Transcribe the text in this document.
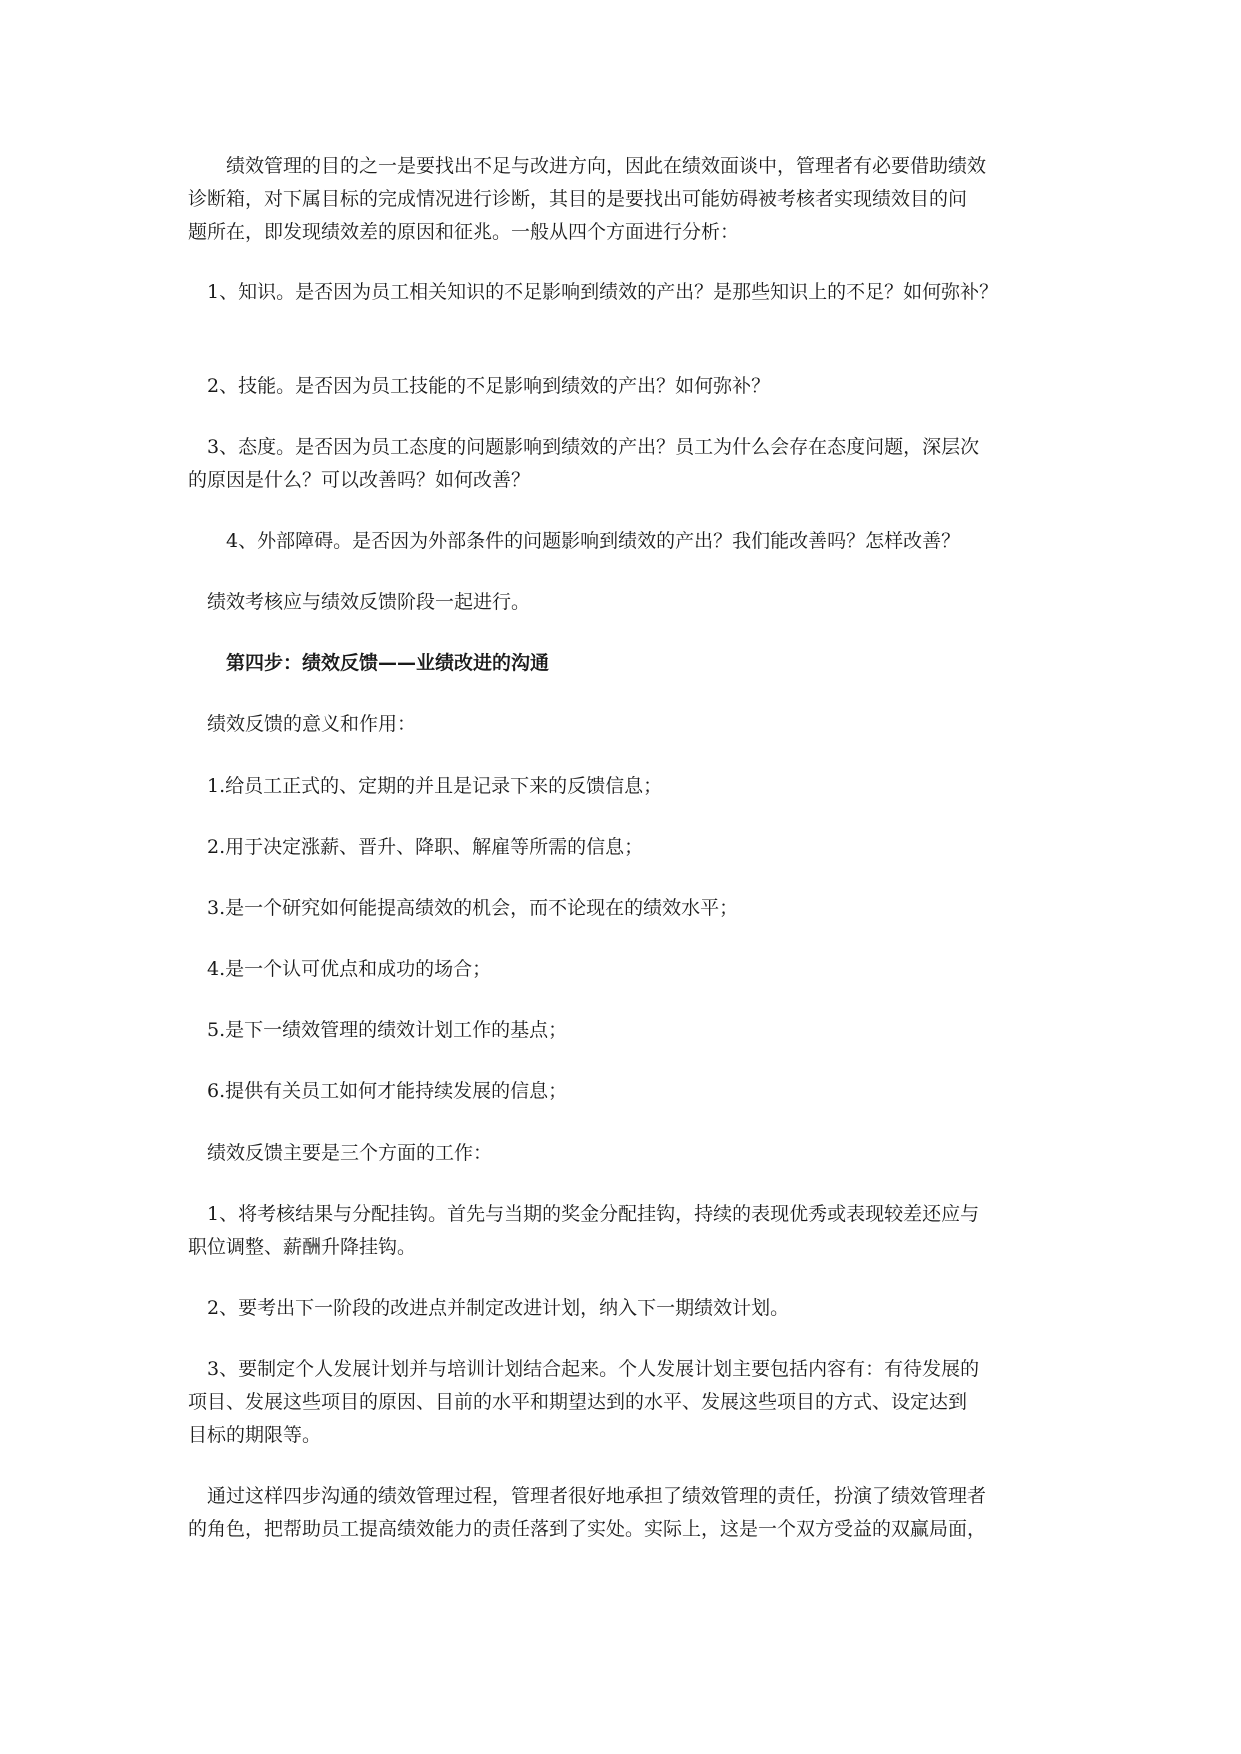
　　绩效管理的目的之一是要找出不足与改进方向，因此在绩效面谈中，管理者有必要借助绩效
诊断箱，对下属目标的完成情况进行诊断，其目的是要找出可能妨碍被考核者实现绩效目的问
题所在，即发现绩效差的原因和征兆。一般从四个方面进行分析：

　1、知识。是否因为员工相关知识的不足影响到绩效的产出？是那些知识上的不足？如何弥补？

　2、技能。是否因为员工技能的不足影响到绩效的产出？如何弥补？

　3、态度。是否因为员工态度的问题影响到绩效的产出？员工为什么会存在态度问题，深层次
的原因是什么？可以改善吗？如何改善？

　　4、外部障碍。是否因为外部条件的问题影响到绩效的产出？我们能改善吗？怎样改善？

　绩效考核应与绩效反馈阶段一起进行。

　　第四步：绩效反馈——业绩改进的沟通

　绩效反馈的意义和作用：

　1.给员工正式的、定期的并且是记录下来的反馈信息；

　2.用于决定涨薪、晋升、降职、解雇等所需的信息；

　3.是一个研究如何能提高绩效的机会，而不论现在的绩效水平；

　4.是一个认可优点和成功的场合；

　5.是下一绩效管理的绩效计划工作的基点；

　6.提供有关员工如何才能持续发展的信息；

　绩效反馈主要是三个方面的工作：

　1、将考核结果与分配挂钩。首先与当期的奖金分配挂钩，持续的表现优秀或表现较差还应与
职位调整、薪酬升降挂钩。

　2、要考出下一阶段的改进点并制定改进计划，纳入下一期绩效计划。

　3、要制定个人发展计划并与培训计划结合起来。个人发展计划主要包括内容有：有待发展的
项目、发展这些项目的原因、目前的水平和期望达到的水平、发展这些项目的方式、设定达到
目标的期限等。

　通过这样四步沟通的绩效管理过程，管理者很好地承担了绩效管理的责任，扮演了绩效管理者
的角色，把帮助员工提高绩效能力的责任落到了实处。实际上，这是一个双方受益的双赢局面，
